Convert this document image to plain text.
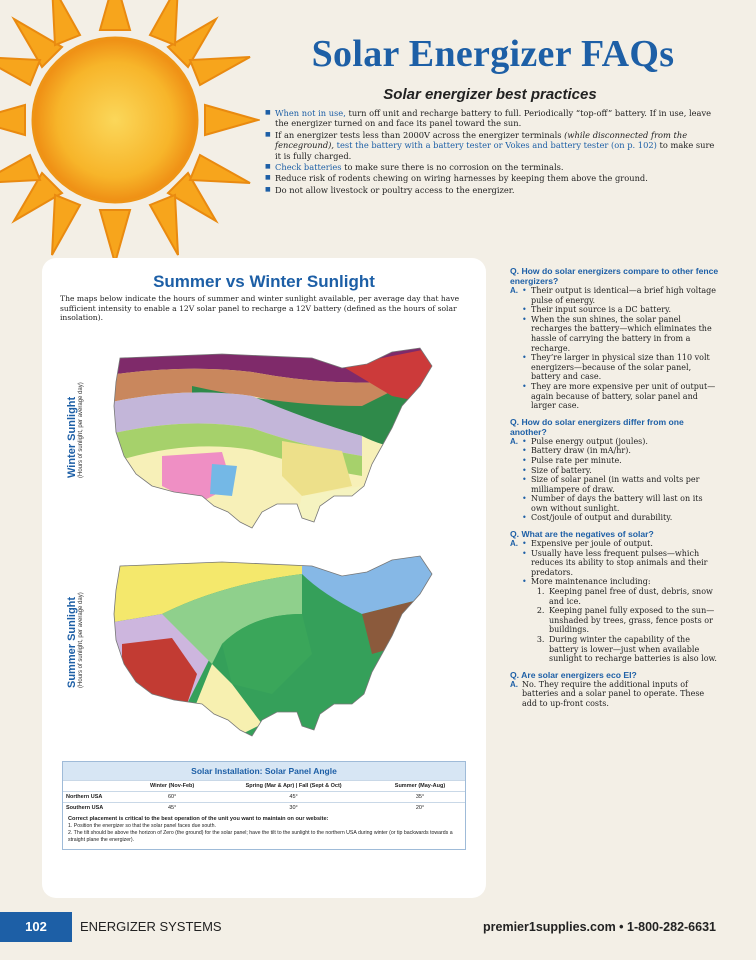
Solar Energizer FAQs
Solar energizer best practices
■ When not in use, turn off unit and recharge battery to full. Periodically “top-off” battery. If in use, leave the energizer turned on and face its panel toward the sun.
■ If an energizer tests less than 2000V across the energizer terminals (while disconnected from the fenceground), test the battery with a battery tester or Vokes and battery tester (on p. 102) to make sure it is fully charged.
■ Check batteries to make sure there is no corrosion on the terminals.
■ Reduce risk of rodents chewing on wiring harnesses by keeping them above the ground.
■ Do not allow livestock or poultry access to the energizer.
Summer vs Winter Sunlight
The maps below indicate the hours of summer and winter sunlight available, per average day that have sufficient intensity to enable a 12V solar panel to recharge a 12V battery (defined as the hours of solar insolation).
Winter Sunlight (Hours of sunlight, per average day)
Summer Sunlight (Hours of sunlight, per average day)
Solar Installation: Solar Panel Angle
	Winter (Nov-Feb)	Spring (Mar & Apr) | Fall (Sept & Oct)	Summer (May-Aug)
Northern USA	60°	45°	35°
Southern USA	45°	30°	20°
Correct placement is critical to the best operation of the unit you want to maintain on our website:
1. Position the energizer so that the solar panel faces due south.
2. The tilt should be above the horizon of Zero (the ground) for the solar panel; have the tilt to the sunlight to the northern USA during winter (or tip backwards towards a straight plane the energizer).
Q. How do solar energizers compare to other fence energizers?
A.	• Their output is identical—a brief high voltage pulse of energy.
• Their input source is a DC battery.
• When the sun shines, the solar panel recharges the battery—which eliminates the hassle of carrying the battery in from a recharge.
• They’re larger in physical size than 110 volt energizers—because of the solar panel, battery and case.
• They are more expensive per unit of output—again because of battery, solar panel and larger case.
Q. How do solar energizers differ from one another?
A.	• Pulse energy output (joules).
• Battery draw (in mA/hr).
• Pulse rate per minute.
• Size of battery.
• Size of solar panel (in watts and volts per milliampere of draw.
• Number of days the battery will last on its own without sunlight.
• Cost/joule of output and durability.
Q. What are the negatives of solar?
A.	• Expensive per joule of output.
• Usually have less frequent pulses—which reduces its ability to stop animals and their predators.
• More maintenance including:
1. Keeping panel free of dust, debris, snow and ice.
2. Keeping panel fully exposed to the sun—unshaded by trees, grass, fence posts or buildings.
3. During winter the capability of the battery is lower—just when available sunlight to recharge batteries is also low.
Q. Are solar energizers eco EI?
A. No. They require the additional inputs of batteries and a solar panel to operate. These add to up-front costs.
102	ENERGIZER SYSTEMS	premier1supplies.com • 1-800-282-6631
